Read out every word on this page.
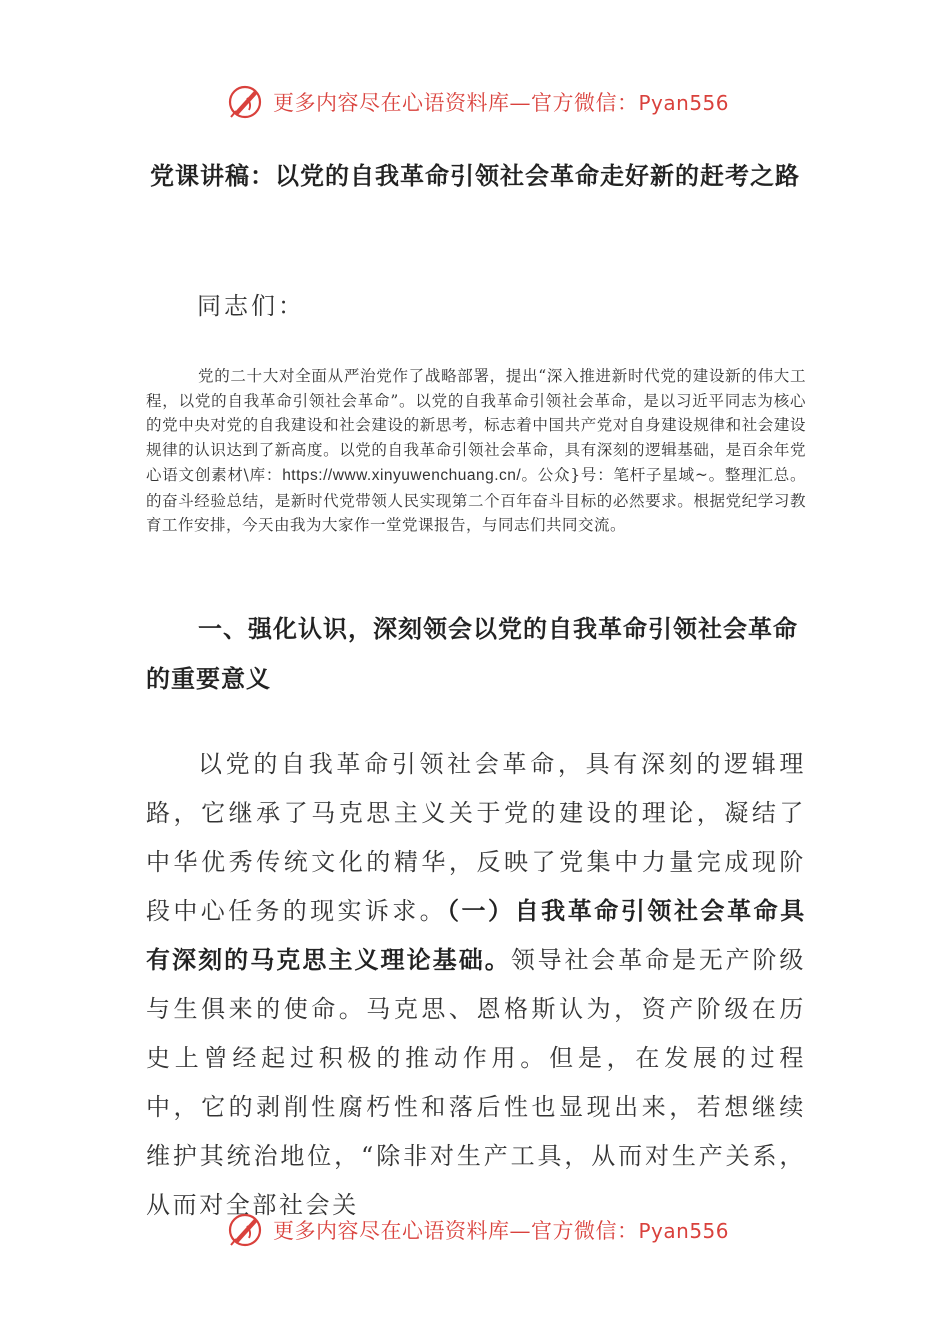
更多内容尽在心语资料库—官方微信：Pyan556
党课讲稿：以党的自我革命引领社会革命走好新的赶考之路
同志们：
党的二十大对全面从严治党作了战略部署，提出“深入推进新时代党的建设新的伟大工程，以党的自我革命引领社会革命”。以党的自我革命引领社会革命，是以习近平同志为核心的党中央对党的自我建设和社会建设的新思考，标志着中国共产党对自身建设规律和社会建设规律的认识达到了新高度。以党的自我革命引领社会革命，具有深刻的逻辑基础，是百余年党心语文创素材\库：https://www.xinyuwenchuang.cn/。公众}号：笔杆子星域~。整理汇总。的奋斗经验总结，是新时代党带领人民实现第二个百年奋斗目标的必然要求。根据党纪学习教育工作安排，今天由我为大家作一堂党课报告，与同志们共同交流。
一、强化认识，深刻领会以党的自我革命引领社会革命的重要意义
以党的自我革命引领社会革命，具有深刻的逻辑理路，它继承了马克思主义关于党的建设的理论，凝结了中华优秀传统文化的精华，反映了党集中力量完成现阶段中心任务的现实诉求。（一）自我革命引领社会革命具有深刻的马克思主义理论基础。领导社会革命是无产阶级与生俱来的使命。马克思、恩格斯认为，资产阶级在历史上曾经起过积极的推动作用。但是，在发展的过程中，它的剥削性腐朽性和落后性也显现出来，若想继续维护其统治地位，“除非对生产工具，从而对生产关系，从而对全部社会关
更多内容尽在心语资料库—官方微信：Pyan556
